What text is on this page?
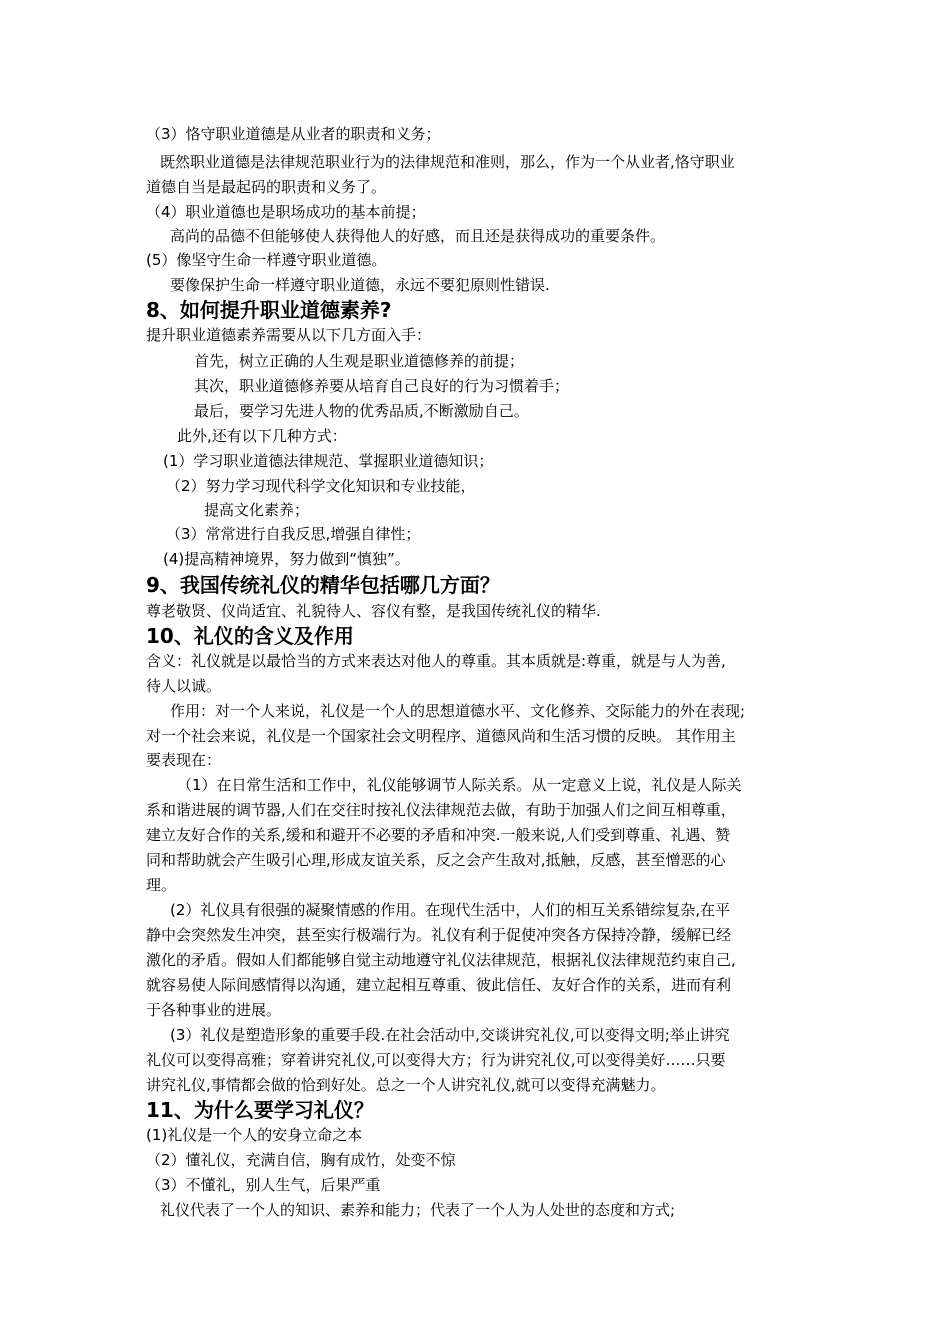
（3）恪守职业道德是从业者的职责和义务；
既然职业道德是法律规范职业行为的法律规范和准则，那么，作为一个从业者,恪守职业
道德自当是最起码的职责和义务了。
（4）职业道德也是职场成功的基本前提；
高尚的品德不但能够使人获得他人的好感，而且还是获得成功的重要条件。
(5）像坚守生命一样遵守职业道德。
要像保护生命一样遵守职业道德，永远不要犯原则性错误.
8、如何提升职业道德素养?
提升职业道德素养需要从以下几方面入手：
首先，树立正确的人生观是职业道德修养的前提；
其次，职业道德修养要从培育自己良好的行为习惯着手；
最后，要学习先进人物的优秀品质,不断激励自己。
此外,还有以下几种方式：
(1）学习职业道德法律规范、掌握职业道德知识；
（2）努力学习现代科学文化知识和专业技能，
提高文化素养；
（3）常常进行自我反思,增强自律性；
(4)提高精神境界，努力做到“慎独”。
9、我国传统礼仪的精华包括哪几方面？
尊老敬贤、仪尚适宜、礼貌待人、容仪有整，是我国传统礼仪的精华.
10、礼仪的含义及作用
含义：礼仪就是以最恰当的方式来表达对他人的尊重。其本质就是:尊重，就是与人为善,
待人以诚。
作用：对一个人来说，礼仪是一个人的思想道德水平、文化修养、交际能力的外在表现;
对一个社会来说，礼仪是一个国家社会文明程序、道德风尚和生活习惯的反映。 其作用主
要表现在：
（1）在日常生活和工作中，礼仪能够调节人际关系。从一定意义上说，礼仪是人际关
系和谐进展的调节器,人们在交往时按礼仪法律规范去做，有助于加强人们之间互相尊重，
建立友好合作的关系,缓和和避开不必要的矛盾和冲突.一般来说,人们受到尊重、礼遇、赞
同和帮助就会产生吸引心理,形成友谊关系，反之会产生敌对,抵触，反感，甚至憎恶的心
理。
(2）礼仪具有很强的凝聚情感的作用。在现代生活中，人们的相互关系错综复杂,在平
静中会突然发生冲突，甚至实行极端行为。礼仪有利于促使冲突各方保持冷静，缓解已经
激化的矛盾。假如人们都能够自觉主动地遵守礼仪法律规范，根据礼仪法律规范约束自己,
就容易使人际间感情得以沟通，建立起相互尊重、彼此信任、友好合作的关系，进而有利
于各种事业的进展。
(3）礼仪是塑造形象的重要手段.在社会活动中,交谈讲究礼仪,可以变得文明;举止讲究
礼仪可以变得高雅；穿着讲究礼仪,可以变得大方；行为讲究礼仪,可以变得美好……只要
讲究礼仪,事情都会做的恰到好处。总之一个人讲究礼仪,就可以变得充满魅力。
11、为什么要学习礼仪？
(1)礼仪是一个人的安身立命之本
（2）懂礼仪，充满自信，胸有成竹，处变不惊
（3）不懂礼，别人生气，后果严重
礼仪代表了一个人的知识、素养和能力；代表了一个人为人处世的态度和方式;
